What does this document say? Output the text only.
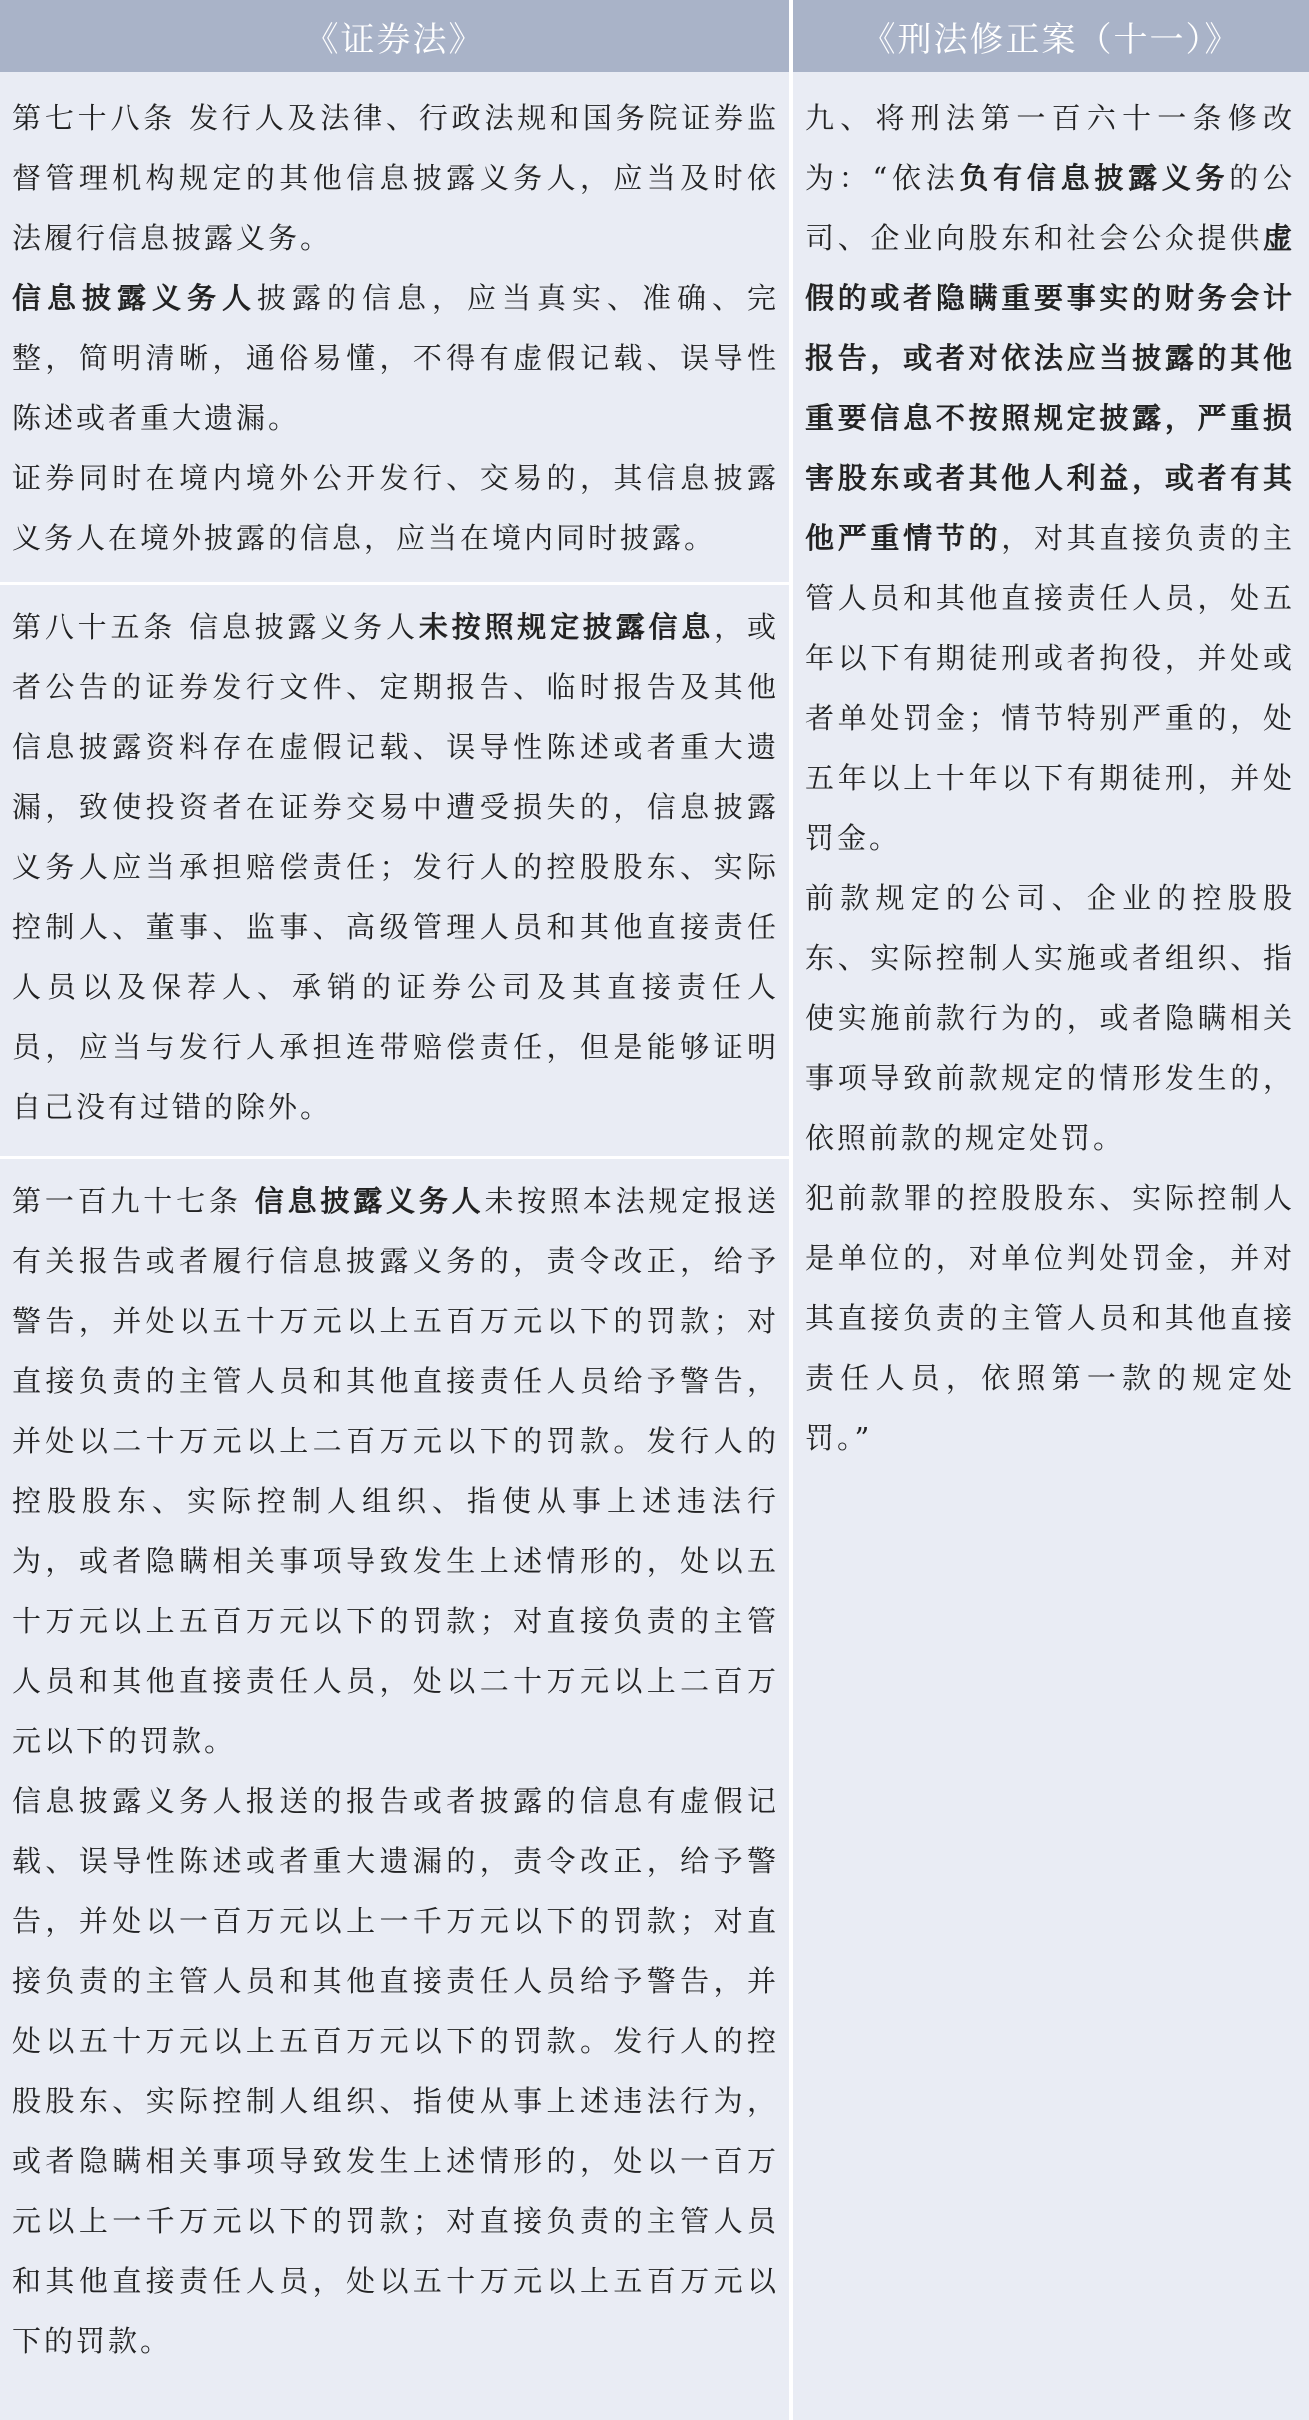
《证券法》

第七十八条 发行人及法律、行政法规和国务院证券监督管理机构规定的其他信息披露义务人，应当及时依法履行信息披露义务。

信息披露义务人披露的信息，应当真实、准确、完整，简明清晰，通俗易懂，不得有虚假记载、误导性陈述或者重大遗漏。

证券同时在境内境外公开发行、交易的，其信息披露义务人在境外披露的信息，应当在境内同时披露。

第八十五条 信息披露义务人未按照规定披露信息，或者公告的证券发行文件、定期报告、临时报告及其他信息披露资料存在虚假记载、误导性陈述或者重大遗漏，致使投资者在证券交易中遭受损失的，信息披露义务人应当承担赔偿责任；发行人的控股股东、实际控制人、董事、监事、高级管理人员和其他直接责任人员以及保荐人、承销的证券公司及其直接责任人员，应当与发行人承担连带赔偿责任，但是能够证明自己没有过错的除外。

第一百九十七条 信息披露义务人未按照本法规定报送有关报告或者履行信息披露义务的，责令改正，给予警告，并处以五十万元以上五百万元以下的罚款；对直接负责的主管人员和其他直接责任人员给予警告，并处以二十万元以上二百万元以下的罚款。发行人的控股股东、实际控制人组织、指使从事上述违法行为，或者隐瞒相关事项导致发生上述情形的，处以五十万元以上五百万元以下的罚款；对直接负责的主管人员和其他直接责任人员，处以二十万元以上二百万元以下的罚款。

信息披露义务人报送的报告或者披露的信息有虚假记载、误导性陈述或者重大遗漏的，责令改正，给予警告，并处以一百万元以上一千万元以下的罚款；对直接负责的主管人员和其他直接责任人员给予警告，并处以五十万元以上五百万元以下的罚款。发行人的控股股东、实际控制人组织、指使从事上述违法行为，或者隐瞒相关事项导致发生上述情形的，处以一百万元以上一千万元以下的罚款；对直接负责的主管人员和其他直接责任人员，处以五十万元以上五百万元以下的罚款。

《刑法修正案（十一）》

九、将刑法第一百六十一条修改为：“依法负有信息披露义务的公司、企业向股东和社会公众提供虚假的或者隐瞒重要事实的财务会计报告，或者对依法应当披露的其他重要信息不按照规定披露，严重损害股东或者其他人利益，或者有其他严重情节的，对其直接负责的主管人员和其他直接责任人员，处五年以下有期徒刑或者拘役，并处或者单处罚金；情节特别严重的，处五年以上十年以下有期徒刑，并处罚金。

前款规定的公司、企业的控股股东、实际控制人实施或者组织、指使实施前款行为的，或者隐瞒相关事项导致前款规定的情形发生的，依照前款的规定处罚。

犯前款罪的控股股东、实际控制人是单位的，对单位判处罚金，并对其直接负责的主管人员和其他直接责任人员，依照第一款的规定处罚。”
